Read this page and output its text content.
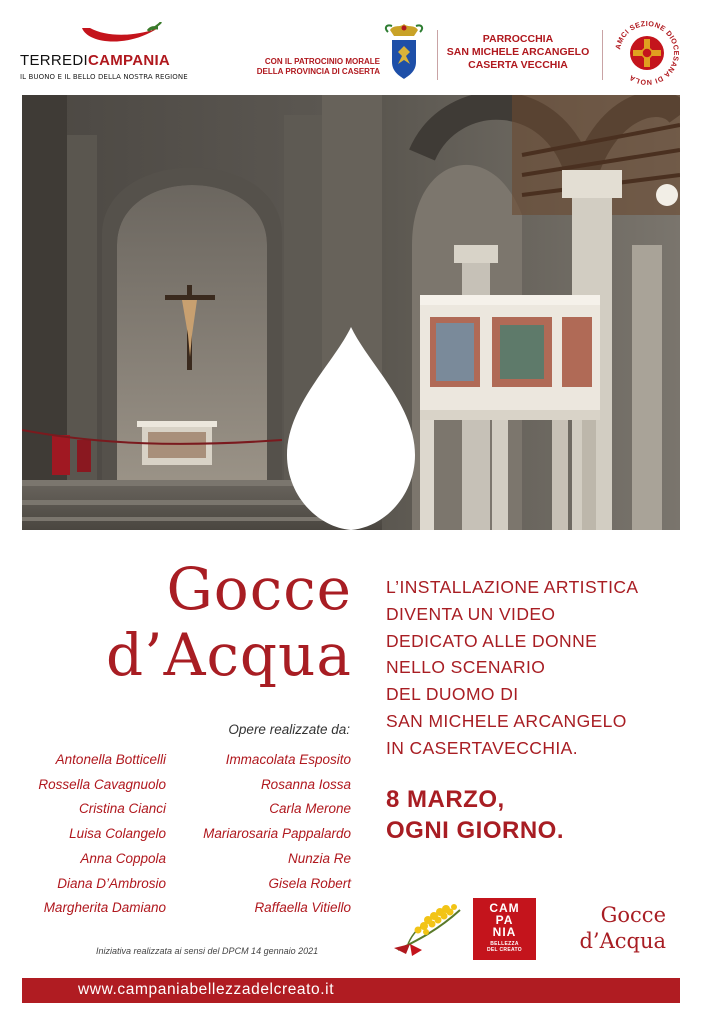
TERREDICAMPANIA
IL BUONO E IL BELLO DELLA NOSTRA REGIONE
CON IL PATROCINIO MORALE
DELLA PROVINCIA DI CASERTA
PARROCCHIA
SAN MICHELE ARCANGELO
CASERTA VECCHIA
AMCI SEZIONE DIOCESANA DI NOLA
Gocce
d’Acqua
Opere realizzate da:
Antonella Botticelli
Rossella Cavagnuolo
Cristina Cianci
Luisa Colangelo
Anna Coppola
Diana D’Ambrosio
Margherita Damiano
Immacolata Esposito
Rosanna Iossa
Carla Merone
Mariarosaria Pappalardo
Nunzia Re
Gisela Robert
Raffaella Vitiello
L’INSTALLAZIONE ARTISTICA
DIVENTA UN VIDEO
DEDICATO ALLE DONNE
NELLO SCENARIO
DEL DUOMO DI
SAN MICHELE ARCANGELO
IN CASERTAVECCHIA.
8 MARZO,
OGNI GIORNO.
CAM
PA
NIA
BELLEZZA
DEL CREATO
Gocce
d’Acqua
Iniziativa realizzata ai sensi del DPCM 14 gennaio 2021
www.campaniabellezzadelcreato.it
